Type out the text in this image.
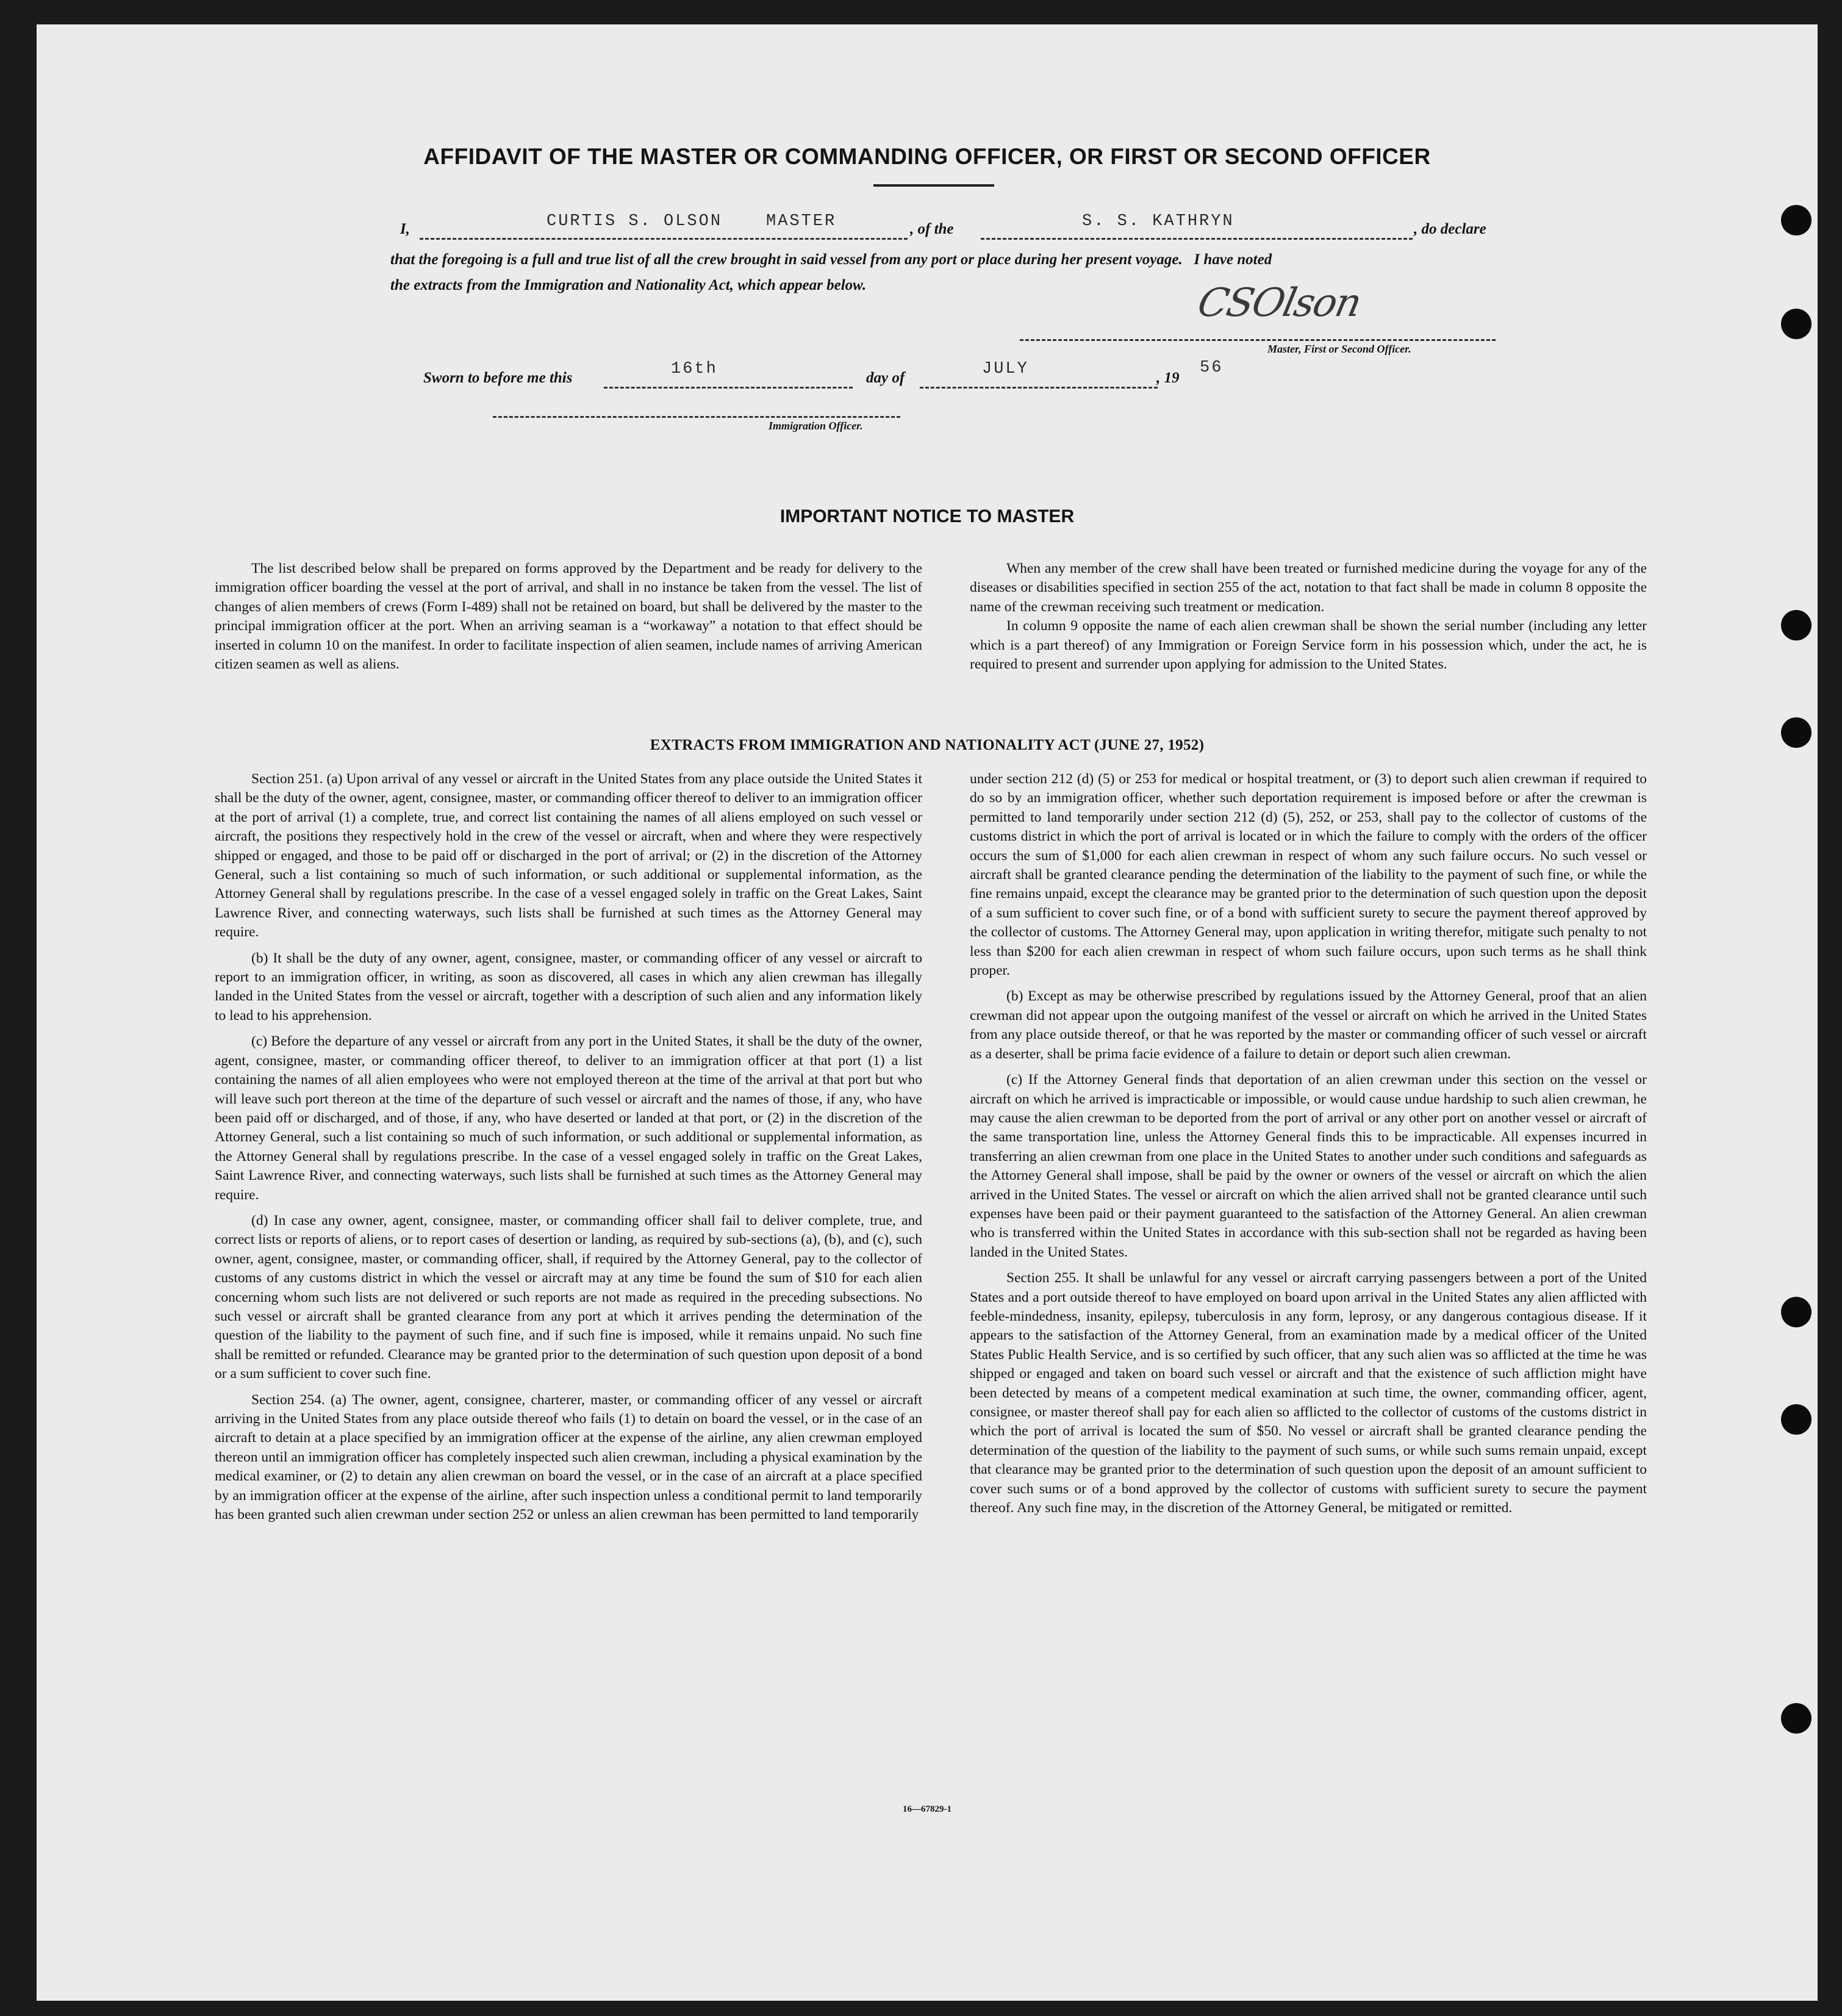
AFFIDAVIT OF THE MASTER OR COMMANDING OFFICER, OR FIRST OR SECOND OFFICER
I,	CURTIS S. OLSON	MASTER	, of the	S. S. KATHRYN	, do declare
that the foregoing is a full and true list of all the crew brought in said vessel from any port or place during her present voyage.   I have noted
the extracts from the Immigration and Nationality Act, which appear below.	CSOlson
Master, First or Second Officer.
Sworn to before me this	16th	day of	JULY	, 19
56
Immigration Officer.
IMPORTANT NOTICE TO MASTER

The list described below shall be prepared on forms approved by the Department and be ready for delivery to the immigration officer boarding the vessel at the port of arrival, and shall in no instance be taken from the vessel. The list of changes of alien members of crews (Form I-489) shall not be retained on board, but shall be delivered by the master to the principal immigration officer at the port. When an arriving seaman is a “workaway” a notation to that effect should be inserted in column 10 on the manifest. In order to facilitate inspection of alien seamen, include names of arriving American citizen seamen as well as aliens.

When any member of the crew shall have been treated or furnished medicine during the voyage for any of the diseases or disabilities specified in section 255 of the act, notation to that fact shall be made in column 8 opposite the name of the crewman receiving such treatment or medication.

In column 9 opposite the name of each alien crewman shall be shown the serial number (including any letter which is a part thereof) of any Immigration or Foreign Service form in his possession which, under the act, he is required to present and surrender upon applying for admission to the United States.

EXTRACTS FROM IMMIGRATION AND NATIONALITY ACT (JUNE 27, 1952)

Section 251. (a) Upon arrival of any vessel or aircraft in the United States from any place outside the United States it shall be the duty of the owner, agent, consignee, master, or commanding officer thereof to deliver to an immigration officer at the port of arrival (1) a complete, true, and correct list containing the names of all aliens employed on such vessel or aircraft, the positions they respectively hold in the crew of the vessel or aircraft, when and where they were respectively shipped or engaged, and those to be paid off or discharged in the port of arrival; or (2) in the discretion of the Attorney General, such a list containing so much of such information, or such additional or supplemental information, as the Attorney General shall by regulations prescribe. In the case of a vessel engaged solely in traffic on the Great Lakes, Saint Lawrence River, and connecting waterways, such lists shall be furnished at such times as the Attorney General may require.

(b) It shall be the duty of any owner, agent, consignee, master, or commanding officer of any vessel or aircraft to report to an immigration officer, in writing, as soon as discovered, all cases in which any alien crewman has illegally landed in the United States from the vessel or aircraft, together with a description of such alien and any information likely to lead to his apprehension.

(c) Before the departure of any vessel or aircraft from any port in the United States, it shall be the duty of the owner, agent, consignee, master, or commanding officer thereof, to deliver to an immigration officer at that port (1) a list containing the names of all alien employees who were not employed thereon at the time of the arrival at that port but who will leave such port thereon at the time of the departure of such vessel or aircraft and the names of those, if any, who have been paid off or discharged, and of those, if any, who have deserted or landed at that port, or (2) in the discretion of the Attorney General, such a list containing so much of such information, or such additional or supplemental information, as the Attorney General shall by regulations prescribe. In the case of a vessel engaged solely in traffic on the Great Lakes, Saint Lawrence River, and connecting waterways, such lists shall be furnished at such times as the Attorney General may require.

(d) In case any owner, agent, consignee, master, or commanding officer shall fail to deliver complete, true, and correct lists or reports of aliens, or to report cases of desertion or landing, as required by sub-sections (a), (b), and (c), such owner, agent, consignee, master, or commanding officer, shall, if required by the Attorney General, pay to the collector of customs of any customs district in which the vessel or aircraft may at any time be found the sum of $10 for each alien concerning whom such lists are not delivered or such reports are not made as required in the preceding subsections. No such vessel or aircraft shall be granted clearance from any port at which it arrives pending the determination of the question of the liability to the payment of such fine, and if such fine is imposed, while it remains unpaid. No such fine shall be remitted or refunded. Clearance may be granted prior to the determination of such question upon deposit of a bond or a sum sufficient to cover such fine.

Section 254. (a) The owner, agent, consignee, charterer, master, or commanding officer of any vessel or aircraft arriving in the United States from any place outside thereof who fails (1) to detain on board the vessel, or in the case of an aircraft to detain at a place specified by an immigration officer at the expense of the airline, any alien crewman employed thereon until an immigration officer has completely inspected such alien crewman, including a physical examination by the medical examiner, or (2) to detain any alien crewman on board the vessel, or in the case of an aircraft at a place specified by an immigration officer at the expense of the airline, after such inspection unless a conditional permit to land temporarily has been granted such alien crewman under section 252 or unless an alien crewman has been permitted to land temporarily

under section 212 (d) (5) or 253 for medical or hospital treatment, or (3) to deport such alien crewman if required to do so by an immigration officer, whether such deportation requirement is imposed before or after the crewman is permitted to land temporarily under section 212 (d) (5), 252, or 253, shall pay to the collector of customs of the customs district in which the port of arrival is located or in which the failure to comply with the orders of the officer occurs the sum of $1,000 for each alien crewman in respect of whom any such failure occurs. No such vessel or aircraft shall be granted clearance pending the determination of the liability to the payment of such fine, or while the fine remains unpaid, except the clearance may be granted prior to the determination of such question upon the deposit of a sum sufficient to cover such fine, or of a bond with sufficient surety to secure the payment thereof approved by the collector of customs. The Attorney General may, upon application in writing therefor, mitigate such penalty to not less than $200 for each alien crewman in respect of whom such failure occurs, upon such terms as he shall think proper.

(b) Except as may be otherwise prescribed by regulations issued by the Attorney General, proof that an alien crewman did not appear upon the outgoing manifest of the vessel or aircraft on which he arrived in the United States from any place outside thereof, or that he was reported by the master or commanding officer of such vessel or aircraft as a deserter, shall be prima facie evidence of a failure to detain or deport such alien crewman.

(c) If the Attorney General finds that deportation of an alien crewman under this section on the vessel or aircraft on which he arrived is impracticable or impossible, or would cause undue hardship to such alien crewman, he may cause the alien crewman to be deported from the port of arrival or any other port on another vessel or aircraft of the same transportation line, unless the Attorney General finds this to be impracticable. All expenses incurred in transferring an alien crewman from one place in the United States to another under such conditions and safeguards as the Attorney General shall impose, shall be paid by the owner or owners of the vessel or aircraft on which the alien arrived in the United States. The vessel or aircraft on which the alien arrived shall not be granted clearance until such expenses have been paid or their payment guaranteed to the satisfaction of the Attorney General. An alien crewman who is transferred within the United States in accordance with this sub-section shall not be regarded as having been landed in the United States.

Section 255. It shall be unlawful for any vessel or aircraft carrying passengers between a port of the United States and a port outside thereof to have employed on board upon arrival in the United States any alien afflicted with feeble-mindedness, insanity, epilepsy, tuberculosis in any form, leprosy, or any dangerous contagious disease. If it appears to the satisfaction of the Attorney General, from an examination made by a medical officer of the United States Public Health Service, and is so certified by such officer, that any such alien was so afflicted at the time he was shipped or engaged and taken on board such vessel or aircraft and that the existence of such affliction might have been detected by means of a competent medical examination at such time, the owner, commanding officer, agent, consignee, or master thereof shall pay for each alien so afflicted to the collector of customs of the customs district in which the port of arrival is located the sum of $50. No vessel or aircraft shall be granted clearance pending the determination of the question of the liability to the payment of such sums, or while such sums remain unpaid, except that clearance may be granted prior to the determination of such question upon the deposit of an amount sufficient to cover such sums or of a bond approved by the collector of customs with sufficient surety to secure the payment thereof. Any such fine may, in the discretion of the Attorney General, be mitigated or remitted.

16—67829-1
